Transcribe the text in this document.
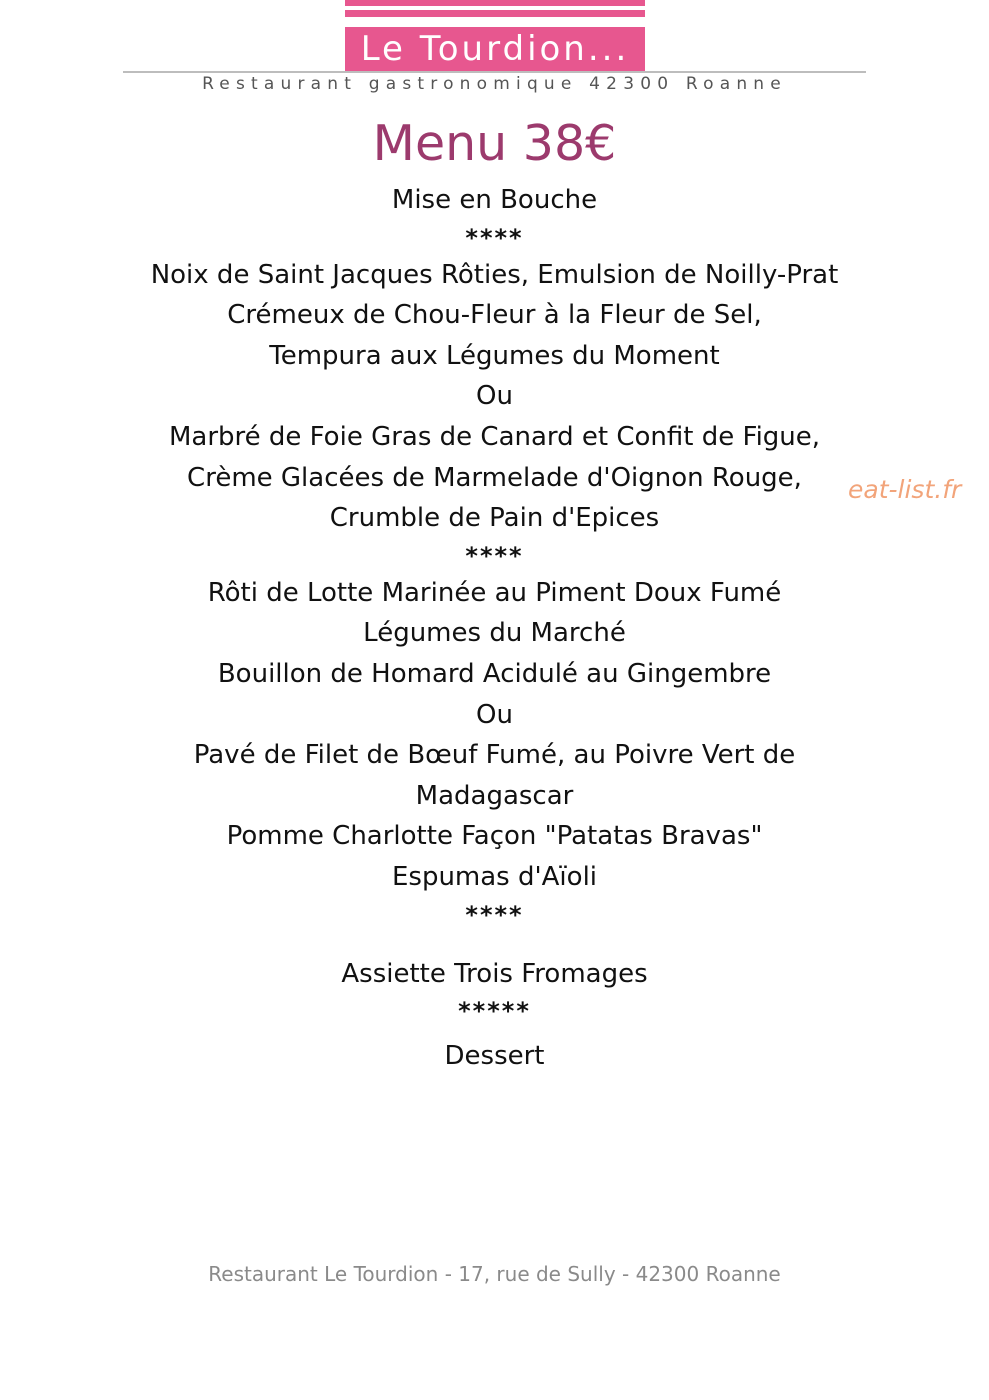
Le Tourdion...
Restaurant gastronomique 42300 Roanne
Menu 38€
Mise en Bouche
****
Noix de Saint Jacques Rôties, Emulsion de Noilly-Prat
Crémeux de Chou-Fleur à la Fleur de Sel,
Tempura aux Légumes du Moment
Ou
Marbré de Foie Gras de Canard et Confit de Figue,
Crème Glacées de Marmelade d'Oignon Rouge,
Crumble de Pain d'Epices
****
Rôti de Lotte Marinée au Piment Doux Fumé
Légumes du Marché
Bouillon de Homard Acidulé au Gingembre
Ou
Pavé de Filet de Bœuf Fumé, au Poivre Vert de
Madagascar
Pomme Charlotte Façon "Patatas Bravas"
Espumas d'Aïoli
****
Assiette Trois Fromages
*****
Dessert
eat-list.fr
Restaurant Le Tourdion - 17, rue de Sully - 42300 Roanne
